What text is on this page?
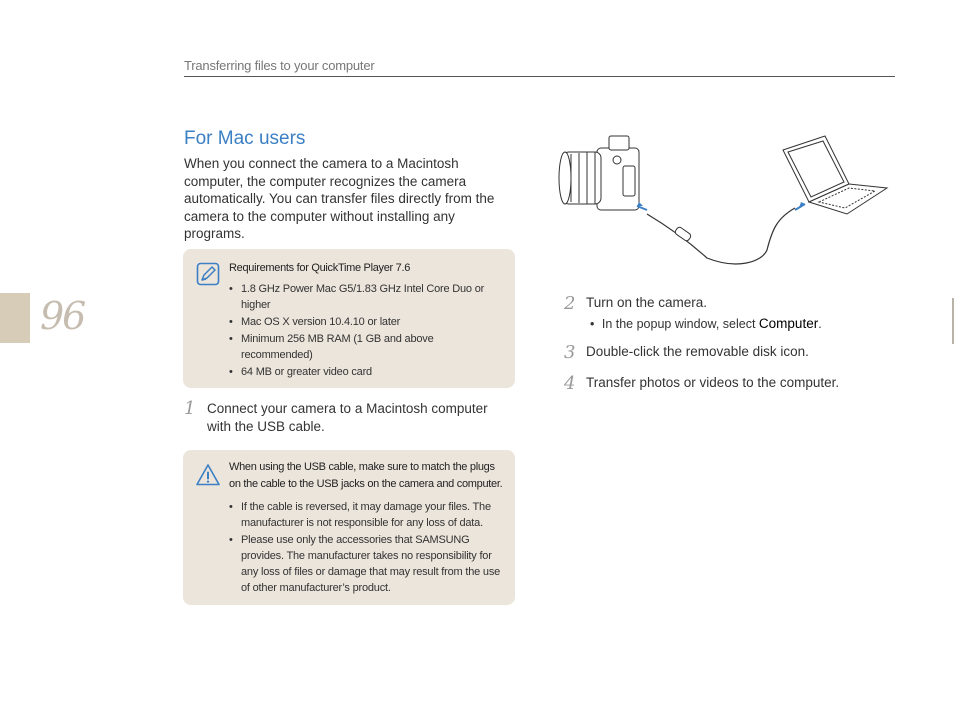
Transferring files to your computer
96
For Mac users
When you connect the camera to a Macintosh computer, the computer recognizes the camera automatically. You can transfer files directly from the camera to the computer without installing any programs.
Requirements for QuickTime Player 7.6
• 1.8 GHz Power Mac G5/1.83 GHz Intel Core Duo or higher
• Mac OS X version 10.4.10 or later
• Minimum 256 MB RAM (1 GB and above recommended)
• 64 MB or greater video card
1 Connect your camera to a Macintosh computer with the USB cable.
When using the USB cable, make sure to match the plugs on the cable to the USB jacks on the camera and computer.
• If the cable is reversed, it may damage your files. The manufacturer is not responsible for any loss of data.
• Please use only the accessories that SAMSUNG provides. The manufacturer takes no responsibility for any loss of files or damage that may result from the use of other manufacturer’s product.
2 Turn on the camera.
• In the popup window, select Computer.
3 Double-click the removable disk icon.
4 Transfer photos or videos to the computer.
